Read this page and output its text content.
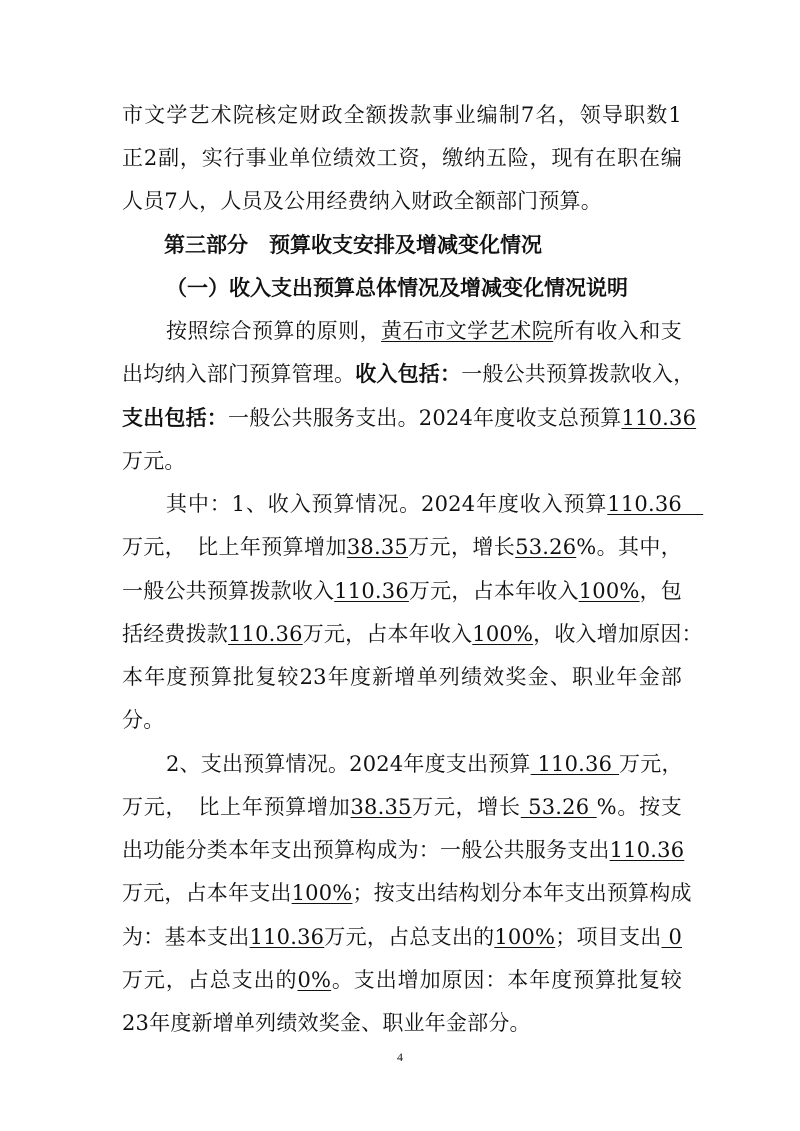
市文学艺术院核定财政全额拨款事业编制7名，领导职数1
正2副，实行事业单位绩效工资，缴纳五险，现有在职在编
人员7人，人员及公用经费纳入财政全额部门预算。
第三部分　预算收支安排及增减变化情况
（一）收入支出预算总体情况及增减变化情况说明
按照综合预算的原则，黄石市文学艺术院所有收入和支
出均纳入部门预算管理。收入包括：一般公共预算拨款收入，
支出包括：一般公共服务支出。2024年度收支总预算110.36
万元。
其中：1、收入预算情况。2024年度收入预算110.36　
万元，　比上年预算增加38.35万元，增长53.26%。其中，
一般公共预算拨款收入110.36万元，占本年收入100%，包
括经费拨款110.36万元，占本年收入100%，收入增加原因：
本年度预算批复较23年度新增单列绩效奖金、职业年金部
分。
2、支出预算情况。2024年度支出预算 110.36 万元，
万元，　比上年预算增加38.35万元，增长 53.26 %。按支
出功能分类本年支出预算构成为：一般公共服务支出110.36
万元，占本年支出100%；按支出结构划分本年支出预算构成
为：基本支出110.36万元，占总支出的100%；项目支出 0
万元，占总支出的0%。支出增加原因：本年度预算批复较
23年度新增单列绩效奖金、职业年金部分。
4
